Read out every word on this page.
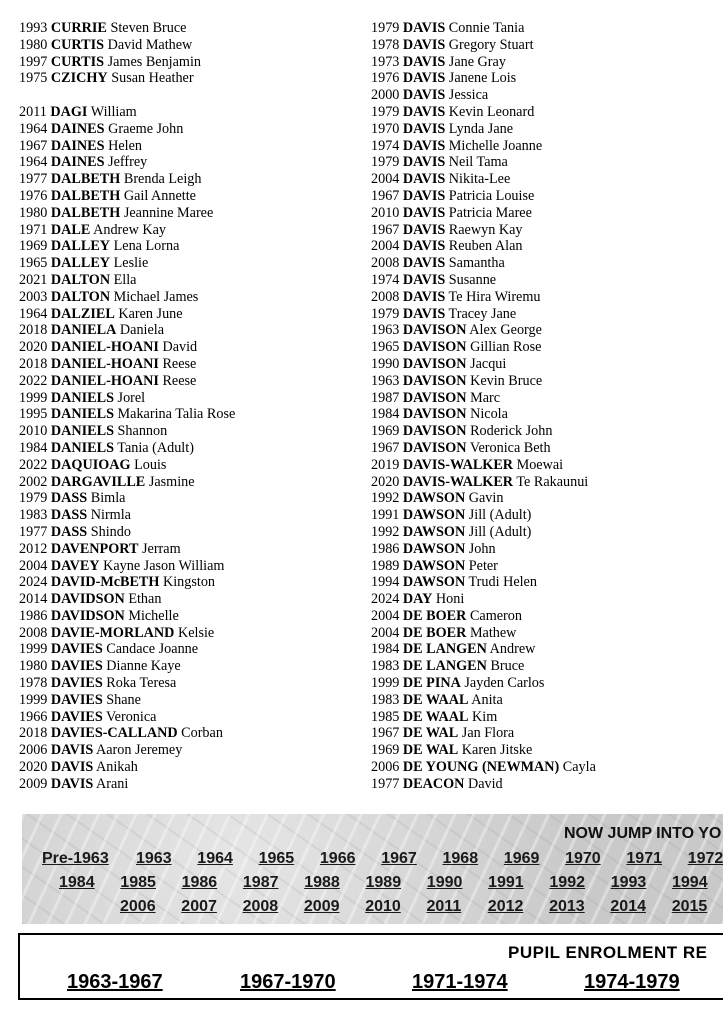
1993 CURRIE Steven Bruce
1980 CURTIS David Mathew
1997 CURTIS James Benjamin
1975 CZICHY Susan Heather
2011 DAGI William
1964 DAINES Graeme John
1967 DAINES Helen
1964 DAINES Jeffrey
1977 DALBETH Brenda Leigh
1976 DALBETH Gail Annette
1980 DALBETH Jeannine Maree
1971 DALE Andrew Kay
1969 DALLEY Lena Lorna
1965 DALLEY Leslie
2021 DALTON Ella
2003 DALTON Michael James
1964 DALZIEL Karen June
2018 DANIELA Daniela
2020 DANIEL-HOANI David
2018 DANIEL-HOANI Reese
2022 DANIEL-HOANI Reese
1999 DANIELS Jorel
1995 DANIELS Makarina Talia Rose
2010 DANIELS Shannon
1984 DANIELS Tania (Adult)
2022 DAQUIOAG Louis
2002 DARGAVILLE Jasmine
1979 DASS Bimla
1983 DASS Nirmla
1977 DASS Shindo
2012 DAVENPORT Jerram
2004 DAVEY Kayne Jason William
2024 DAVID-McBETH Kingston
2014 DAVIDSON Ethan
1986 DAVIDSON Michelle
2008 DAVIE-MORLAND Kelsie
1999 DAVIES Candace Joanne
1980 DAVIES Dianne Kaye
1978 DAVIES Roka Teresa
1999 DAVIES Shane
1966 DAVIES Veronica
2018 DAVIES-CALLAND Corban
2006 DAVIS Aaron Jeremey
2020 DAVIS Anikah
2009 DAVIS Arani
1979 DAVIS Connie Tania
1978 DAVIS Gregory Stuart
1973 DAVIS Jane Gray
1976 DAVIS Janene Lois
2000 DAVIS Jessica
1979 DAVIS Kevin Leonard
1970 DAVIS Lynda Jane
1974 DAVIS Michelle Joanne
1979 DAVIS Neil Tama
2004 DAVIS Nikita-Lee
1967 DAVIS Patricia Louise
2010 DAVIS Patricia Maree
1967 DAVIS Raewyn Kay
2004 DAVIS Reuben Alan
2008 DAVIS Samantha
1974 DAVIS Susanne
2008 DAVIS Te Hira Wiremu
1979 DAVIS Tracey Jane
1963 DAVISON Alex George
1965 DAVISON Gillian Rose
1990 DAVISON Jacqui
1963 DAVISON Kevin Bruce
1987 DAVISON Marc
1984 DAVISON Nicola
1969 DAVISON Roderick John
1967 DAVISON Veronica Beth
2019 DAVIS-WALKER Moewai
2020 DAVIS-WALKER Te Rakaunui
1992 DAWSON Gavin
1991 DAWSON Jill (Adult)
1992 DAWSON Jill (Adult)
1986 DAWSON John
1989 DAWSON Peter
1994 DAWSON Trudi Helen
2024 DAY Honi
2004 DE BOER Cameron
2004 DE BOER Mathew
1984 DE LANGEN Andrew
1983 DE LANGEN Bruce
1999 DE PINA Jayden Carlos
1983 DE WAAL Anita
1985 DE WAAL Kim
1967 DE WAL Jan Flora
1969 DE WAL Karen Jitske
2006 DE YOUNG (NEWMAN) Cayla
1977 DEACON David
NOW JUMP INTO YO
Pre-1963 1963 1964 1965 1966 1967 1968 1969 1970 1971 1972
1984 1985 1986 1987 1988 1989 1990 1991 1992 1993 1994
2006 2007 2008 2009 2010 2011 2012 2013 2014 2015
PUPIL ENROLMENT RE
1963-1967	1967-1970	1971-1974	1974-1979
